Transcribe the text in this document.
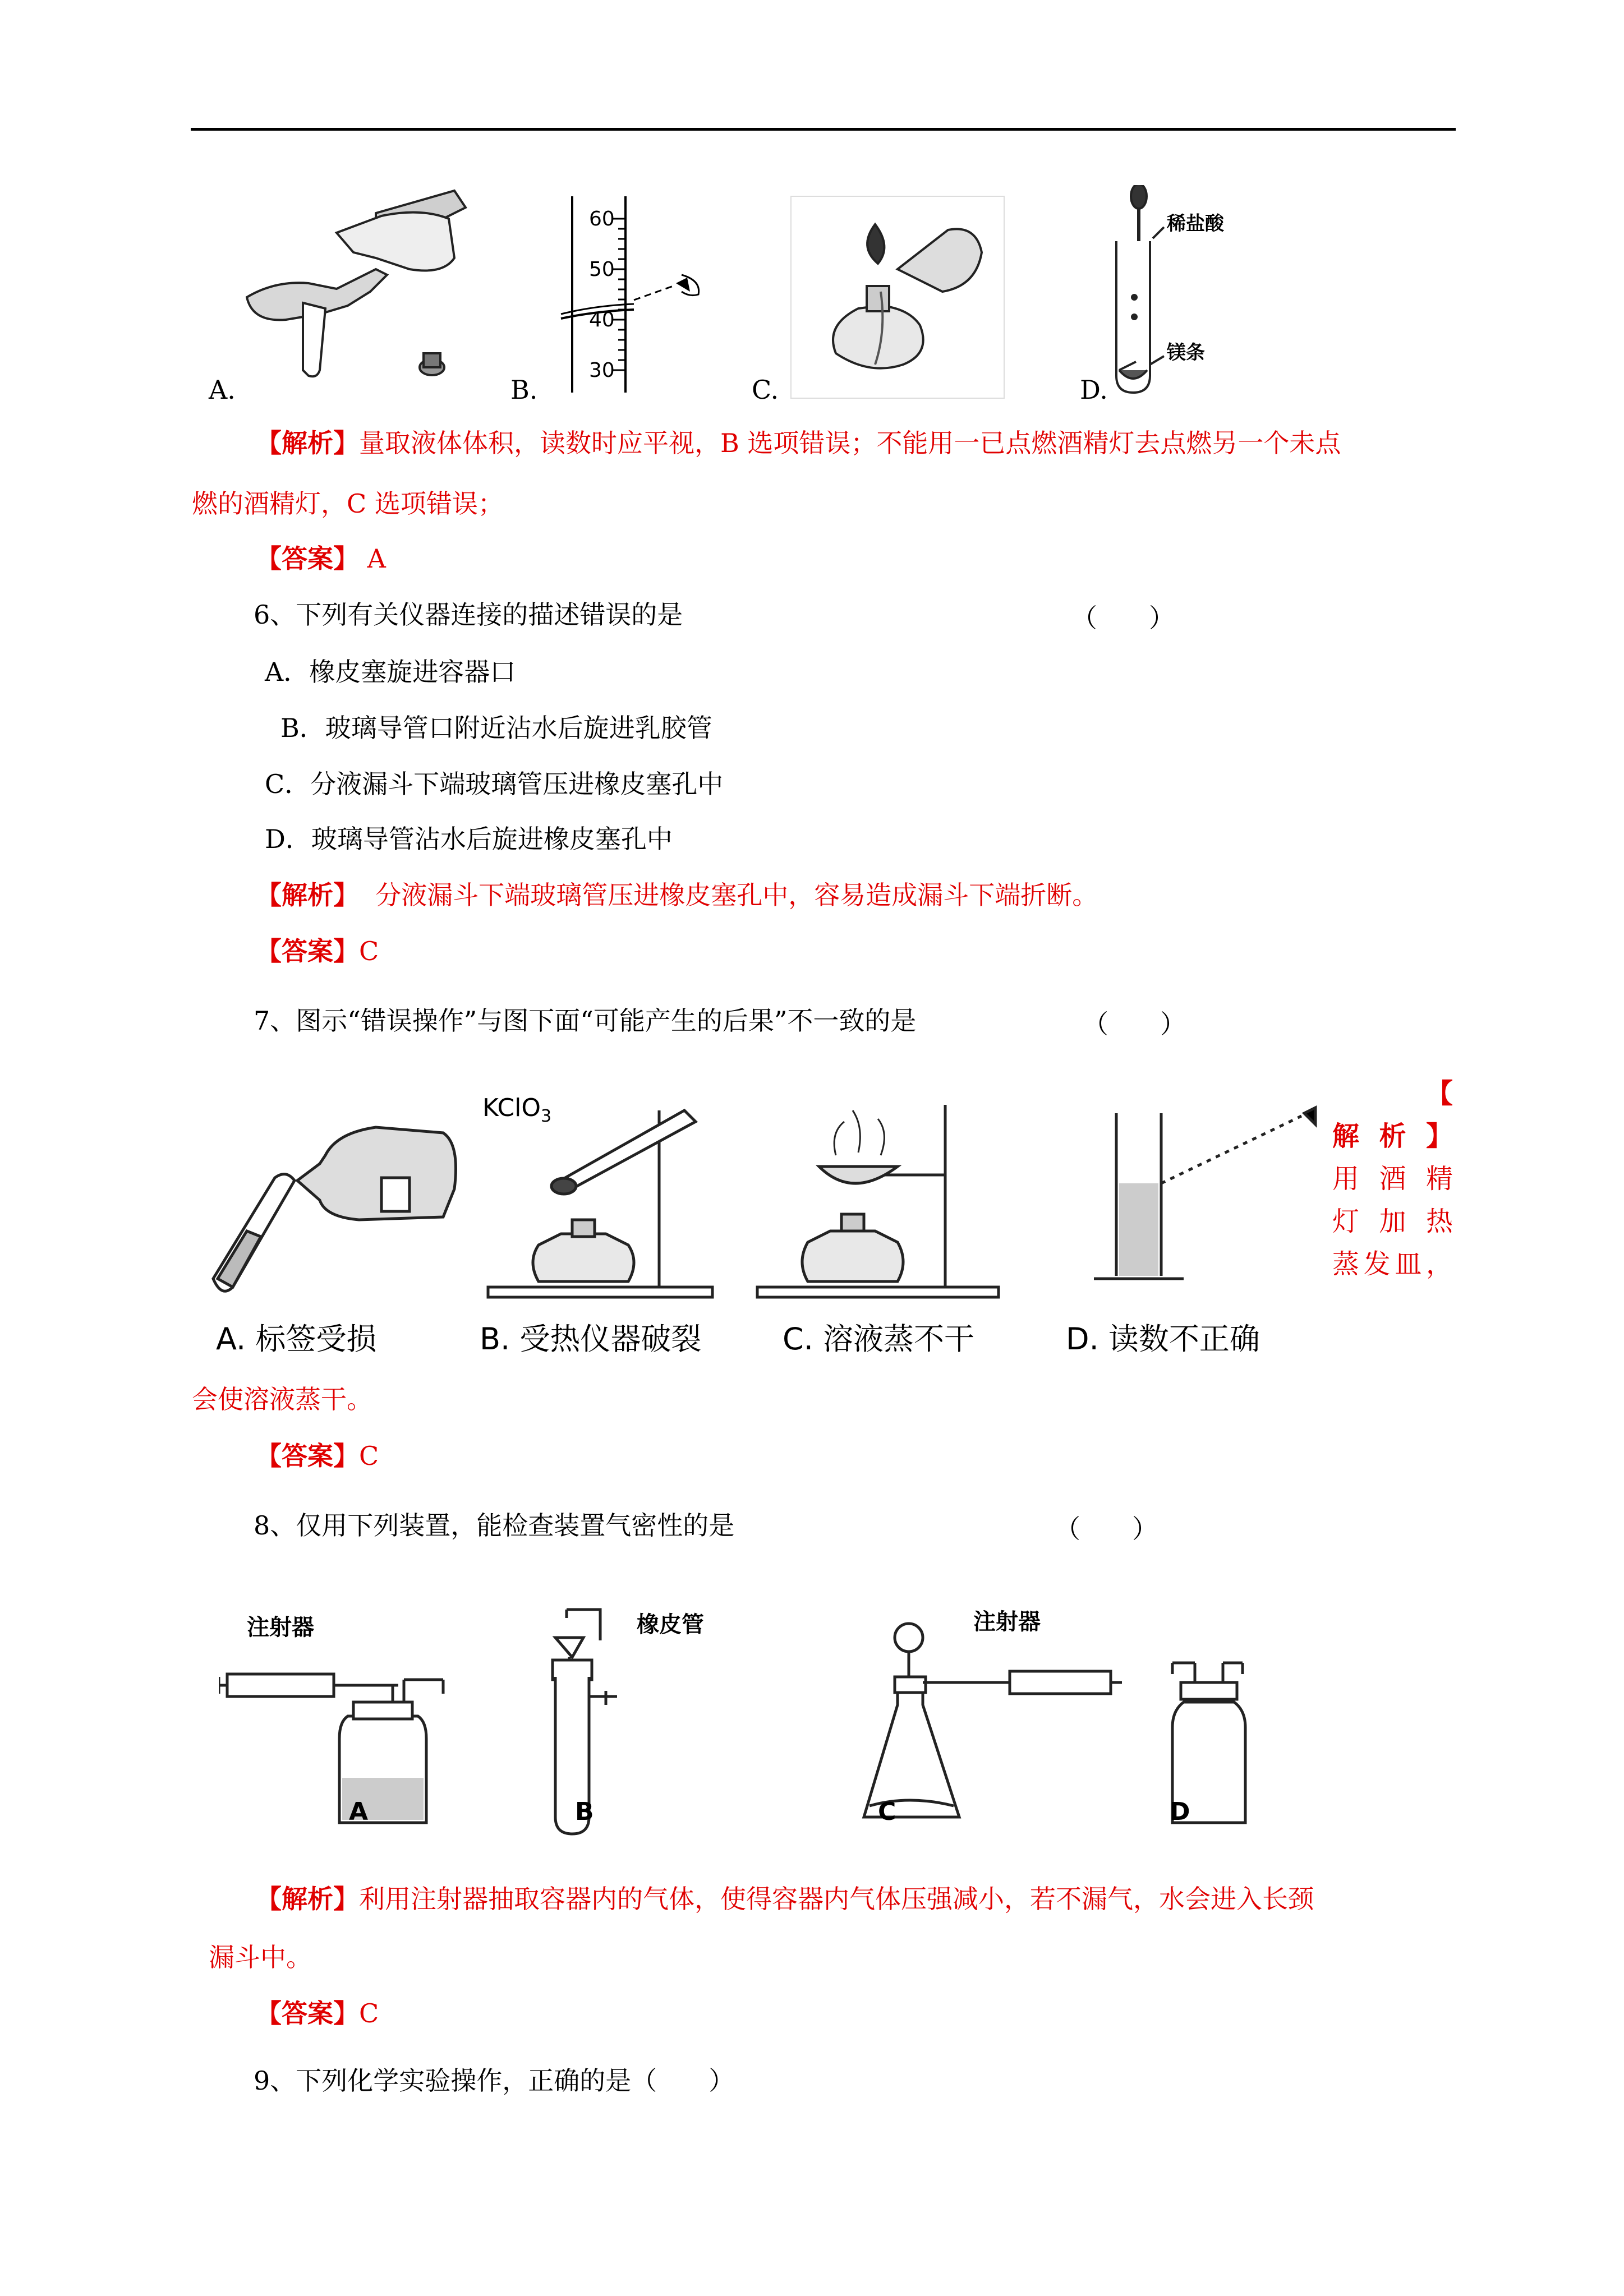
60
50
40
30
稀盐酸
镁条
A.	B.	C.	D.
【解析】量取液体体积，读数时应平视，B 选项错误；不能用一已点燃酒精灯去点燃另一个未点
燃的酒精灯，C 选项错误；
【答案】 A
6、下列有关仪器连接的描述错误的是	（　　）
A．橡皮塞旋进容器口
B．玻璃导管口附近沾水后旋进乳胶管
C．分液漏斗下端玻璃管压进橡皮塞孔中
D．玻璃导管沾水后旋进橡皮塞孔中
【解析】 分液漏斗下端玻璃管压进橡皮塞孔中，容易造成漏斗下端折断。
【答案】C
7、图示“错误操作”与图下面“可能产生的后果”不一致的是	（　　）
KClO$_3$
A. 标签受损	B. 受热仪器破裂	C. 溶液蒸不干	D. 读数不正确
【
解 析 】
用 酒 精
灯 加 热
蒸发皿，
会使溶液蒸干。
【答案】C
8、仅用下列装置，能检查装置气密性的是	（　　）
注射器	橡皮管	注射器
A	B	C	D
【解析】利用注射器抽取容器内的气体，使得容器内气体压强减小，若不漏气，水会进入长颈
漏斗中。
【答案】C
9、下列化学实验操作，正确的是（　　）
